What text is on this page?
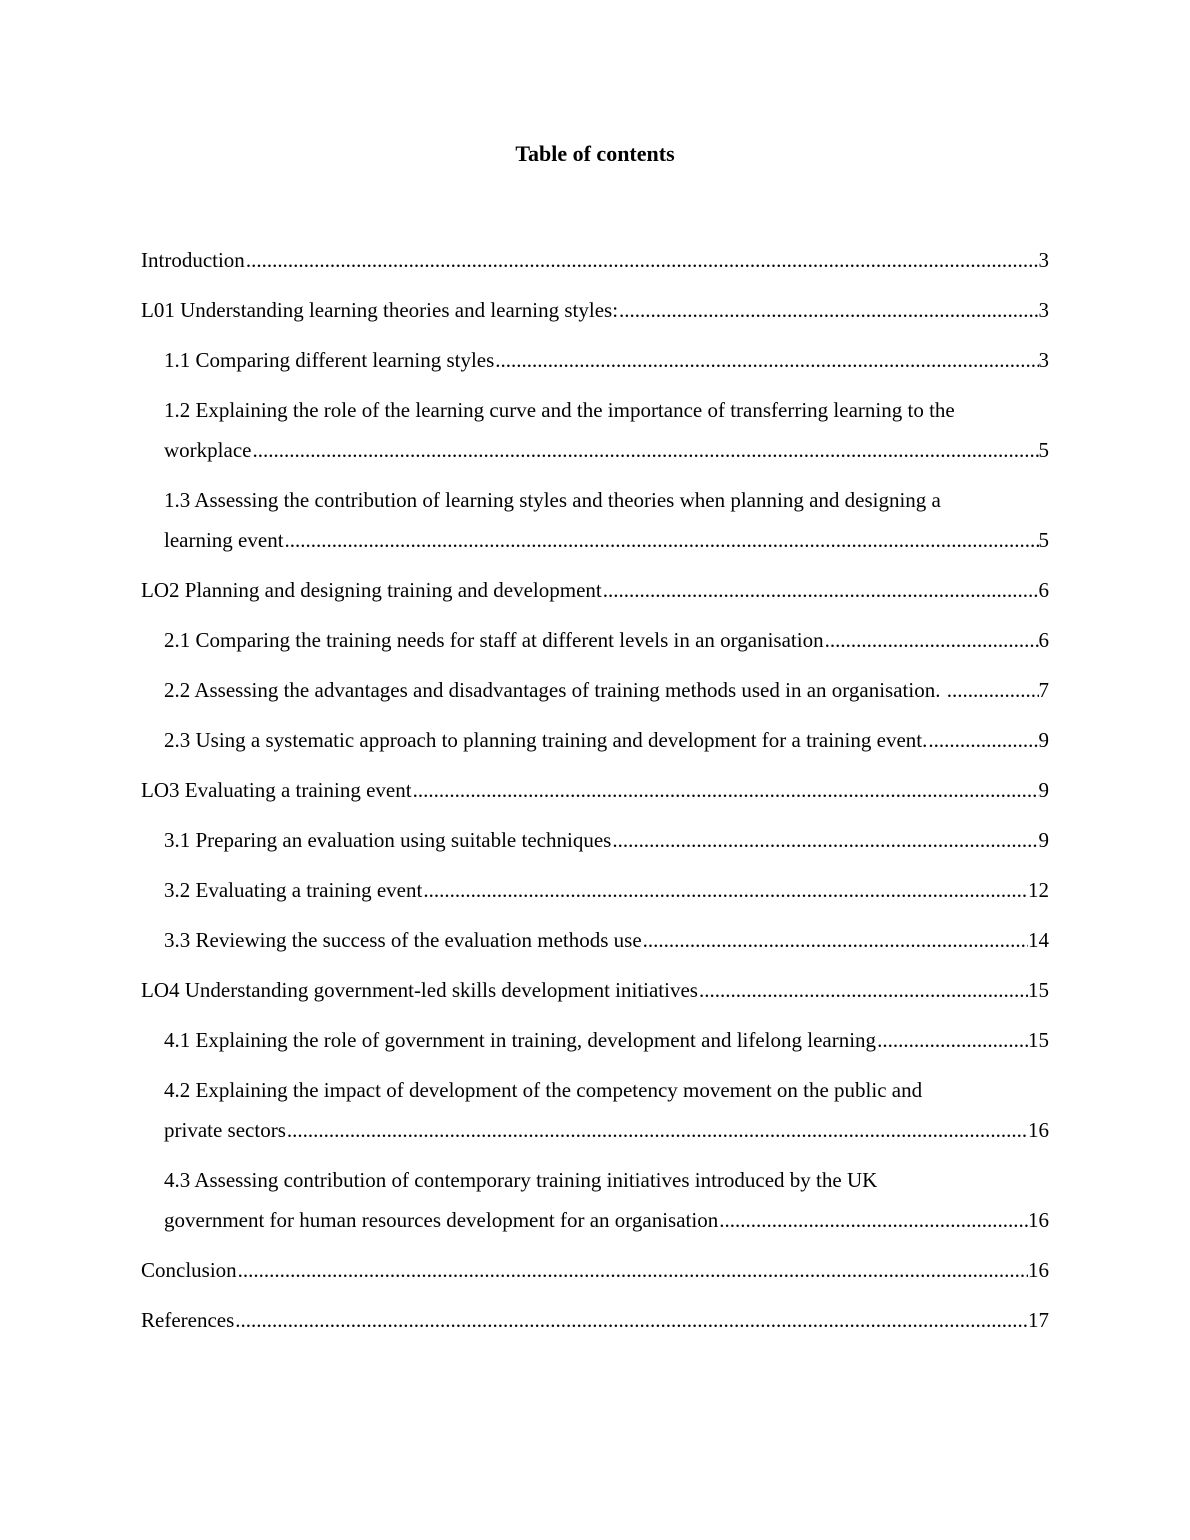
Table of contents
Introduction .....	3
L01 Understanding learning theories and learning styles: .....	3
1.1 Comparing different learning styles .....	3
1.2 Explaining the role of the learning curve and the importance of transferring learning to the
workplace .....	5
1.3 Assessing the contribution of learning styles and theories when planning and designing a
learning event .....	5
LO2 Planning and designing training and development .....	6
2.1 Comparing the training needs for staff at different levels in an organisation .....	6
2.2 Assessing the advantages and disadvantages of training methods used in an organisation. .....	7
2.3 Using a systematic approach to planning training and development for a training event. .....	9
LO3 Evaluating a training event .....	9
3.1 Preparing an evaluation using suitable techniques .....	9
3.2 Evaluating a training event .....	12
3.3 Reviewing the success of the evaluation methods use .....	14
LO4 Understanding government-led skills development initiatives .....	15
4.1 Explaining the role of government in training, development and lifelong learning .....	15
4.2 Explaining the impact of development of the competency movement on the public and
private sectors .....	16
4.3 Assessing contribution of contemporary training initiatives introduced by the UK
government for human resources development for an organisation .....	16
Conclusion .....	16
References .....	17
